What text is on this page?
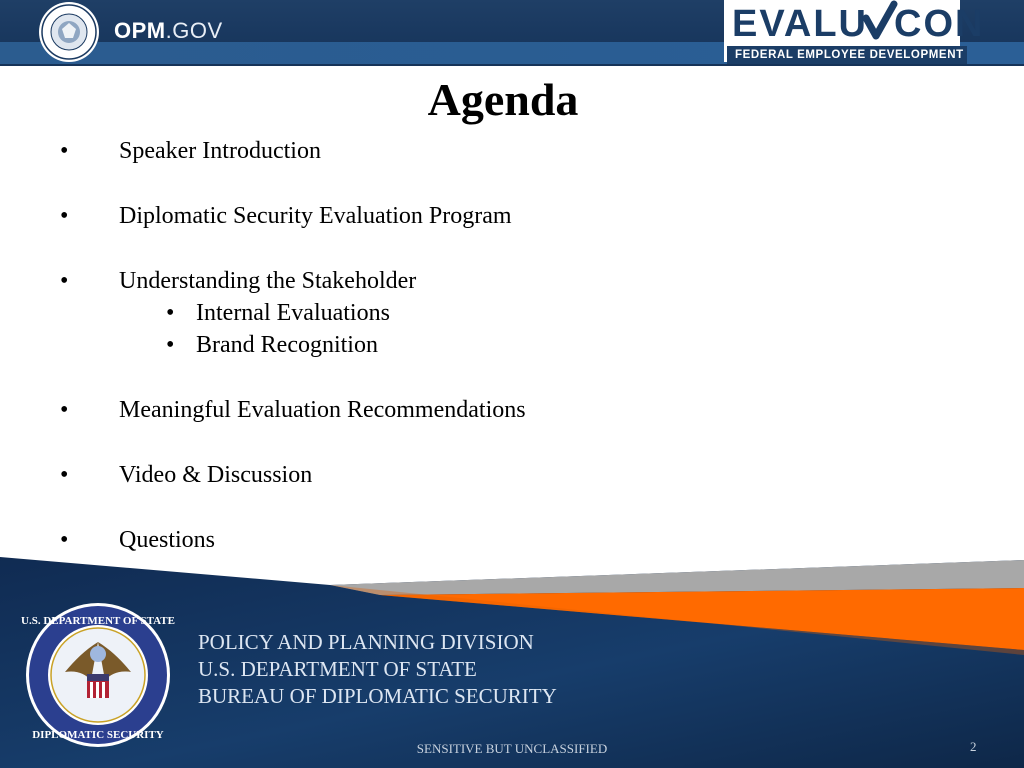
OPM.GOV	EVALU CON
FEDERAL EMPLOYEE DEVELOPMENT
Agenda
• Speaker Introduction
• Diplomatic Security Evaluation Program
• Understanding the Stakeholder
• Internal Evaluations
• Brand Recognition
• Meaningful Evaluation Recommendations
• Video & Discussion
• Questions
U.S. DEPARTMENT OF STATE
DIPLOMATIC SECURITY
POLICY AND PLANNING DIVISION
U.S. DEPARTMENT OF STATE
BUREAU OF DIPLOMATIC SECURITY
SENSITIVE BUT UNCLASSIFIED	2
